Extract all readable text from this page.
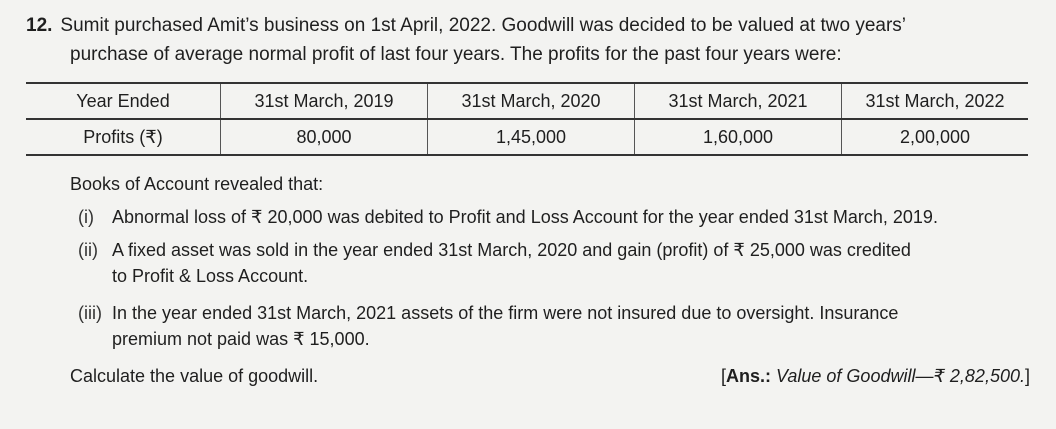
12. Sumit purchased Amit’s business on 1st April, 2022. Goodwill was decided to be valued at two years’
purchase of average normal profit of last four years. The profits for the past four years were:
Year Ended	31st March, 2019	31st March, 2020	31st March, 2021	31st March, 2022
Profits (₹)	80,000	1,45,000	1,60,000	2,00,000
Books of Account revealed that:
(i) Abnormal loss of ₹ 20,000 was debited to Profit and Loss Account for the year ended 31st March, 2019.
(ii) A fixed asset was sold in the year ended 31st March, 2020 and gain (profit) of ₹ 25,000 was credited
to Profit & Loss Account.
(iii) In the year ended 31st March, 2021 assets of the firm were not insured due to oversight. Insurance
premium not paid was ₹ 15,000.
Calculate the value of goodwill.	[Ans.: Value of Goodwill—₹ 2,82,500.]
